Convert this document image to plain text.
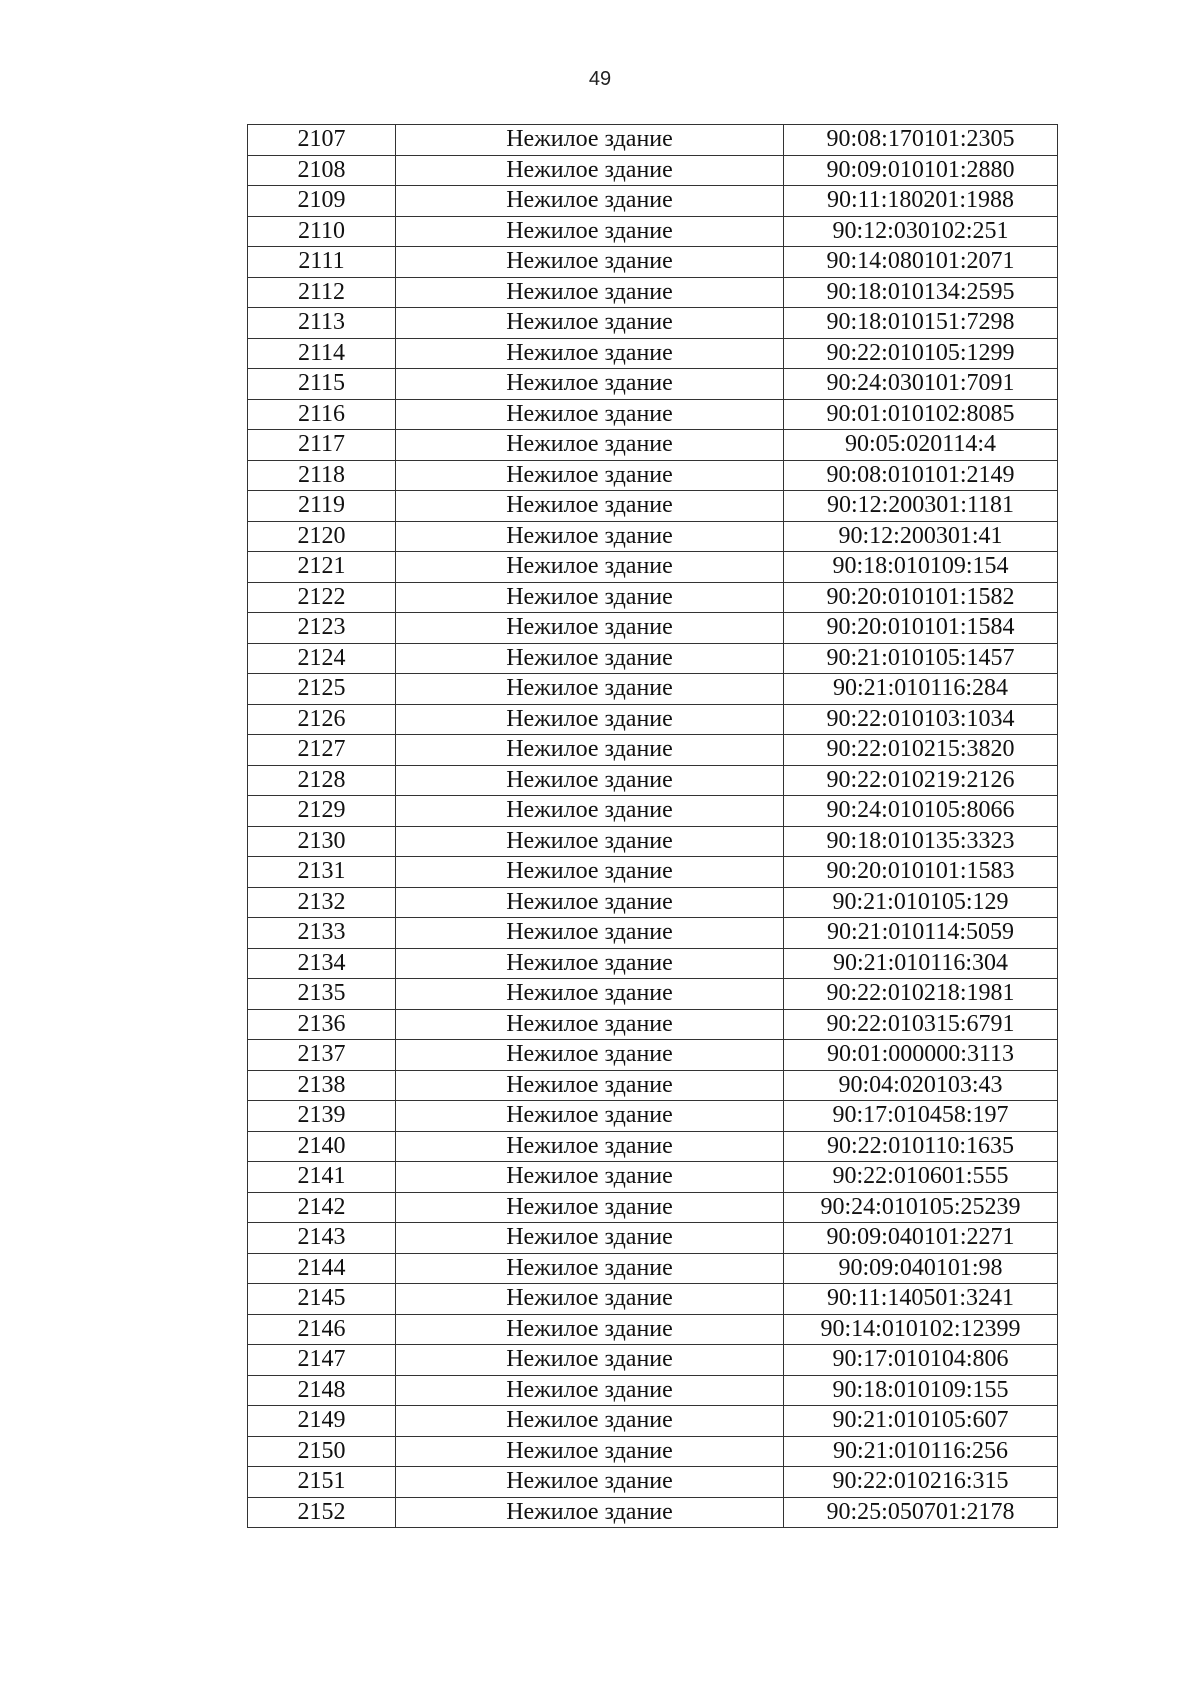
49
2107	Нежилое здание	90:08:170101:2305
2108	Нежилое здание	90:09:010101:2880
2109	Нежилое здание	90:11:180201:1988
2110	Нежилое здание	90:12:030102:251
2111	Нежилое здание	90:14:080101:2071
2112	Нежилое здание	90:18:010134:2595
2113	Нежилое здание	90:18:010151:7298
2114	Нежилое здание	90:22:010105:1299
2115	Нежилое здание	90:24:030101:7091
2116	Нежилое здание	90:01:010102:8085
2117	Нежилое здание	90:05:020114:4
2118	Нежилое здание	90:08:010101:2149
2119	Нежилое здание	90:12:200301:1181
2120	Нежилое здание	90:12:200301:41
2121	Нежилое здание	90:18:010109:154
2122	Нежилое здание	90:20:010101:1582
2123	Нежилое здание	90:20:010101:1584
2124	Нежилое здание	90:21:010105:1457
2125	Нежилое здание	90:21:010116:284
2126	Нежилое здание	90:22:010103:1034
2127	Нежилое здание	90:22:010215:3820
2128	Нежилое здание	90:22:010219:2126
2129	Нежилое здание	90:24:010105:8066
2130	Нежилое здание	90:18:010135:3323
2131	Нежилое здание	90:20:010101:1583
2132	Нежилое здание	90:21:010105:129
2133	Нежилое здание	90:21:010114:5059
2134	Нежилое здание	90:21:010116:304
2135	Нежилое здание	90:22:010218:1981
2136	Нежилое здание	90:22:010315:6791
2137	Нежилое здание	90:01:000000:3113
2138	Нежилое здание	90:04:020103:43
2139	Нежилое здание	90:17:010458:197
2140	Нежилое здание	90:22:010110:1635
2141	Нежилое здание	90:22:010601:555
2142	Нежилое здание	90:24:010105:25239
2143	Нежилое здание	90:09:040101:2271
2144	Нежилое здание	90:09:040101:98
2145	Нежилое здание	90:11:140501:3241
2146	Нежилое здание	90:14:010102:12399
2147	Нежилое здание	90:17:010104:806
2148	Нежилое здание	90:18:010109:155
2149	Нежилое здание	90:21:010105:607
2150	Нежилое здание	90:21:010116:256
2151	Нежилое здание	90:22:010216:315
2152	Нежилое здание	90:25:050701:2178
